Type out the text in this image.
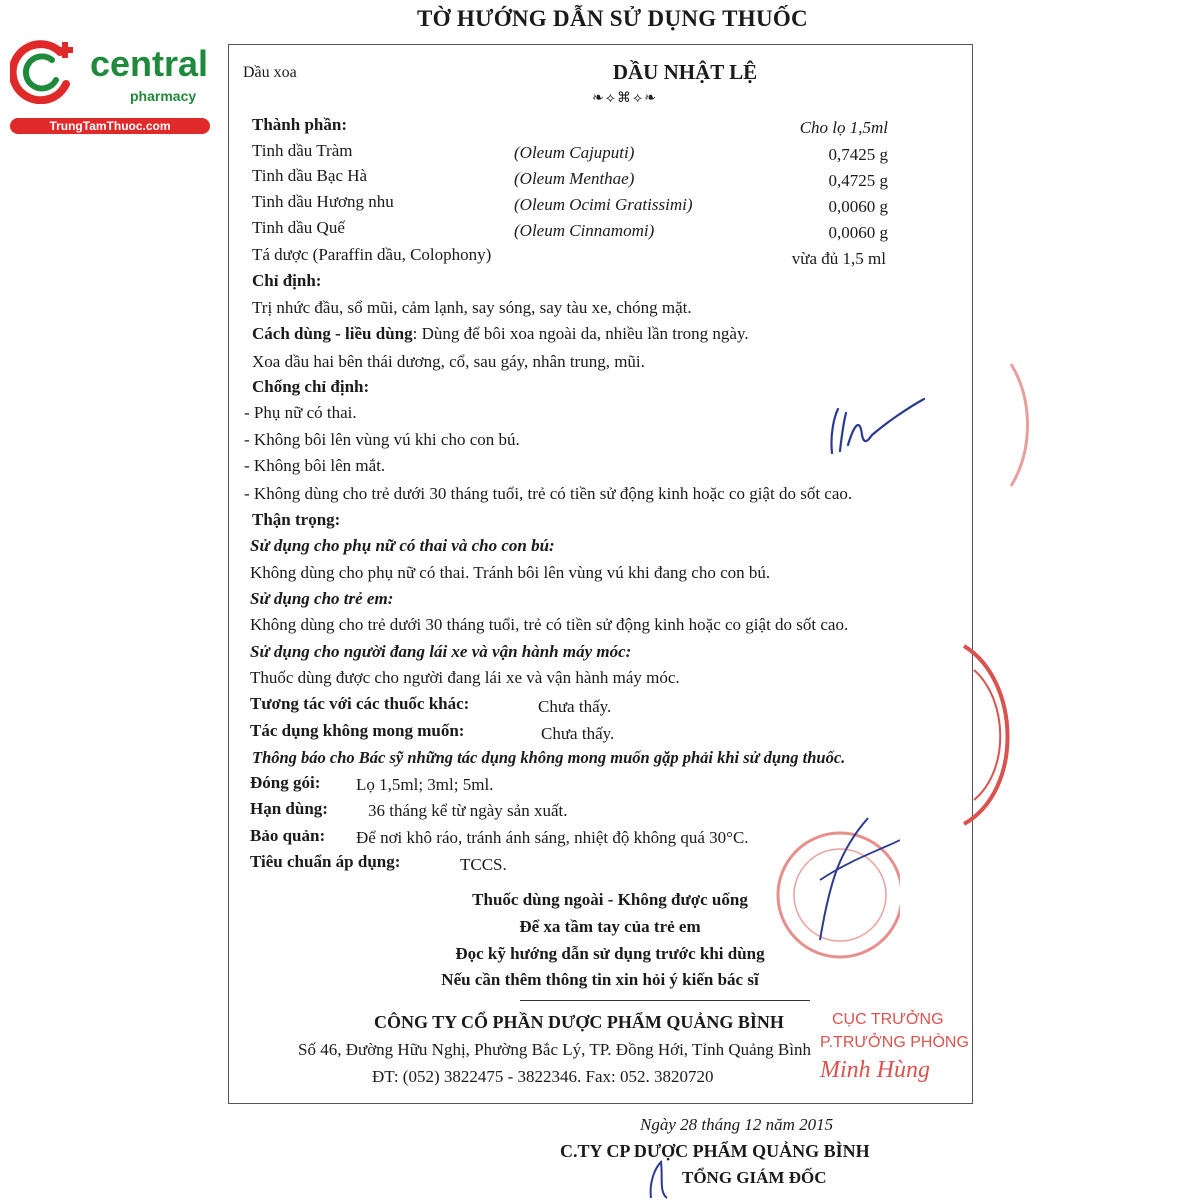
TỜ HƯỚNG DẪN SỬ DỤNG THUỐC
central
pharmacy
TrungTamThuoc.com
Dầu xoa	DẦU NHẬT LỆ
❧⟡⌘⟡❧
Thành phần:	Cho lọ 1,5ml
Tinh dầu Tràm	(Oleum Cajuputi)	0,7425 g
Tinh dầu Bạc Hà	(Oleum Menthae)	0,4725 g
Tinh dầu Hương nhu	(Oleum Ocimi Gratissimi)	0,0060 g
Tinh dầu Quế	(Oleum Cinnamomi)	0,0060 g
Tá dược (Paraffin dầu, Colophony)	vừa đủ 1,5 ml
Chỉ định:
Trị nhức đầu, sổ mũi, cảm lạnh, say sóng, say tàu xe, chóng mặt.
Cách dùng - liều dùng: Dùng để bôi xoa ngoài da, nhiều lần trong ngày.
Xoa dầu hai bên thái dương, cổ, sau gáy, nhân trung, mũi.
Chống chỉ định:
- Phụ nữ có thai.
- Không bôi lên vùng vú khi cho con bú.
- Không bôi lên mắt.
- Không dùng cho trẻ dưới 30 tháng tuổi, trẻ có tiền sử động kinh hoặc co giật do sốt cao.
Thận trọng:
Sử dụng cho phụ nữ có thai và cho con bú:
Không dùng cho phụ nữ có thai. Tránh bôi lên vùng vú khi đang cho con bú.
Sử dụng cho trẻ em:
Không dùng cho trẻ dưới 30 tháng tuổi, trẻ có tiền sử động kinh hoặc co giật do sốt cao.
Sử dụng cho người đang lái xe và vận hành máy móc:
Thuốc dùng được cho người đang lái xe và vận hành máy móc.
Tương tác với các thuốc khác:	Chưa thấy.
Tác dụng không mong muốn:	Chưa thấy.
Thông báo cho Bác sỹ những tác dụng không mong muốn gặp phải khi sử dụng thuốc.
Đóng gói: Lọ 1,5ml; 3ml; 5ml.
Hạn dùng: 36 tháng kể từ ngày sản xuất.
Bảo quản: Để nơi khô ráo, tránh ánh sáng, nhiệt độ không quá 30°C.
Tiêu chuẩn áp dụng:	TCCS.
Thuốc dùng ngoài - Không được uống
Để xa tầm tay của trẻ em
Đọc kỹ hướng dẫn sử dụng trước khi dùng
Nếu cần thêm thông tin xin hỏi ý kiến bác sĩ
CÔNG TY CỔ PHẦN DƯỢC PHẨM QUẢNG BÌNH
Số 46, Đường Hữu Nghị, Phường Bắc Lý, TP. Đồng Hới, Tỉnh Quảng Bình
ĐT: (052) 3822475 - 3822346. Fax: 052. 3820720
CỤC TRƯỞNG
P.TRƯỞNG PHÒNG
Minh Hùng
Ngày 28 tháng 12 năm 2015
C.TY CP DƯỢC PHẨM QUẢNG BÌNH
TỔNG GIÁM ĐỐC
